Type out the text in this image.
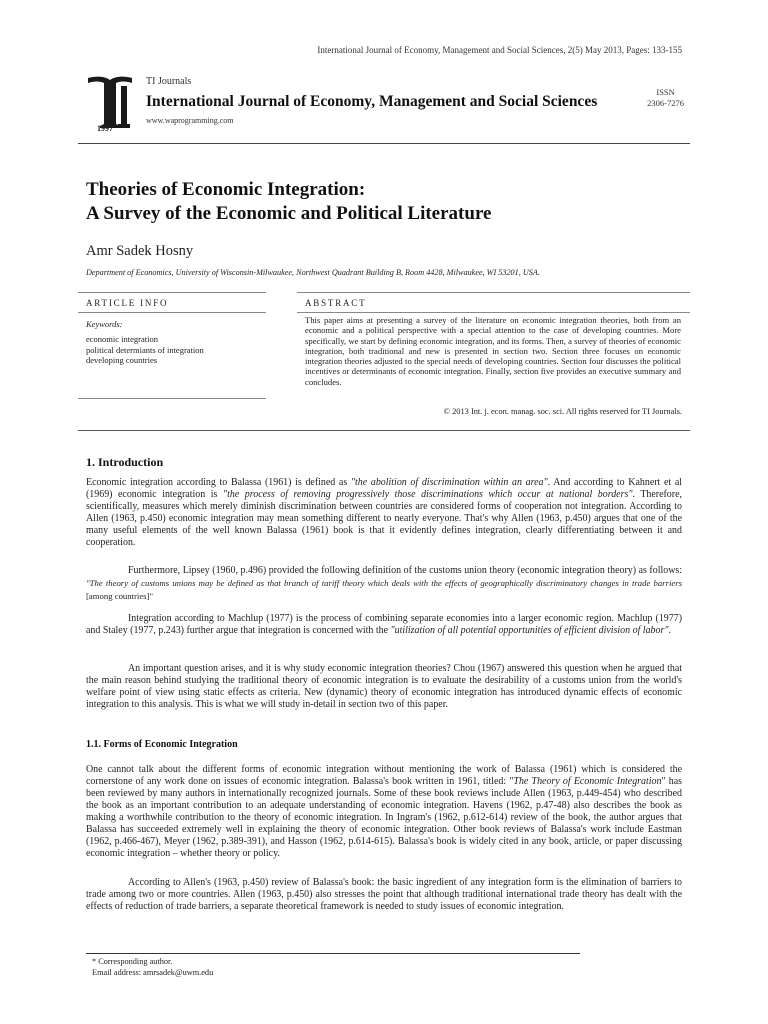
International Journal of Economy, Management and Social Sciences, 2(5) May 2013, Pages: 133-155
1997
TI Journals
International Journal of Economy, Management and Social Sciences
www.waprogramming.com
ISSN
2306-7276
Theories of Economic Integration:
A Survey of the Economic and Political Literature
Amr Sadek Hosny
Department of Economics, University of Wisconsin-Milwaukee, Northwest Quadrant Building B, Room 4428, Milwaukee, WI 53201, USA.
ARTICLE INFO	ABSTRACT
Keywords:
economic integration
political determiants of integration
developing countries
This paper aims at presenting a survey of the literature on economic integration theories, both from an economic and a political perspective with a special attention to the case of developing countries. More specifically, we start by defining economic integration, and its forms. Then, a survey of theories of economic integration, both traditional and new is presented in section two. Section three focuses on economic integration theories adjusted to the special needs of developing countries. Section four discusses the political incentives or determinants of economic integration. Finally, section five provides an executive summary and concludes.
© 2013 Int. j. econ. manag. soc. sci. All rights reserved for TI Journals.
1. Introduction

Economic integration according to Balassa (1961) is defined as "the abolition of discrimination within an area". And according to Kahnert et al (1969) economic integration is "the process of removing progressively those discriminations which occur at national borders". Therefore, scientifically, measures which merely diminish discrimination between countries are considered forms of cooperation not integration. According to Allen (1963, p.450) economic integration may mean something different to nearly everyone. That's why Allen (1963, p.450) argues that one of the many useful elements of the well known Balassa (1961) book is that it evidently defines integration, clearly differentiating between it and cooperation.

Furthermore, Lipsey (1960, p.496) provided the following definition of the customs union theory (economic integration theory) as follows: "The theory of customs unions may be defined as that branch of tariff theory which deals with the effects of geographically discriminatory changes in trade barriers [among countries]"

Integration according to Machlup (1977) is the process of combining separate economies into a larger economic region. Machlup (1977) and Staley (1977, p.243) further argue that integration is concerned with the "utilization of all potential opportunities of efficient division of labor".

An important question arises, and it is why study economic integration theories? Chou (1967) answered this question when he argued that the main reason behind studying the traditional theory of economic integration is to evaluate the desirability of a customs union from the world's welfare point of view using static effects as criteria. New (dynamic) theory of economic integration has introduced dynamic effects of economic integration to this analysis. This is what we will study in-detail in section two of this paper.

1.1. Forms of Economic Integration

One cannot talk about the different forms of economic integration without mentioning the work of Balassa (1961) which is considered the cornerstone of any work done on issues of economic integration. Balassa's book written in 1961, titled: "The Theory of Economic Integration" has been reviewed by many authors in internationally recognized journals. Some of these book reviews include Allen (1963, p.449-454) who described the book as an important contribution to an adequate understanding of economic integration. Havens (1962, p.47-48) also describes the book as making a worthwhile contribution to the theory of economic integration. In Ingram's (1962, p.612-614) review of the book, the author argues that Balassa has succeeded extremely well in explaining the theory of economic integration. Other book reviews of Balassa's work include Eastman (1962, p.466-467), Meyer (1962, p.389-391), and Hasson (1962, p.614-615). Balassa's book is widely cited in any book, article, or paper discussing economic integration – whether theory or policy.

According to Allen's (1963, p.450) review of Balassa's book: the basic ingredient of any integration form is the elimination of barriers to trade among two or more countries. Allen (1963, p.450) also stresses the point that although traditional international trade theory has dealt with the effects of reduction of trade barriers, a separate theoretical framework is needed to study issues of economic integration.

* Corresponding author.
Email address: amrsadek@uwm.edu
